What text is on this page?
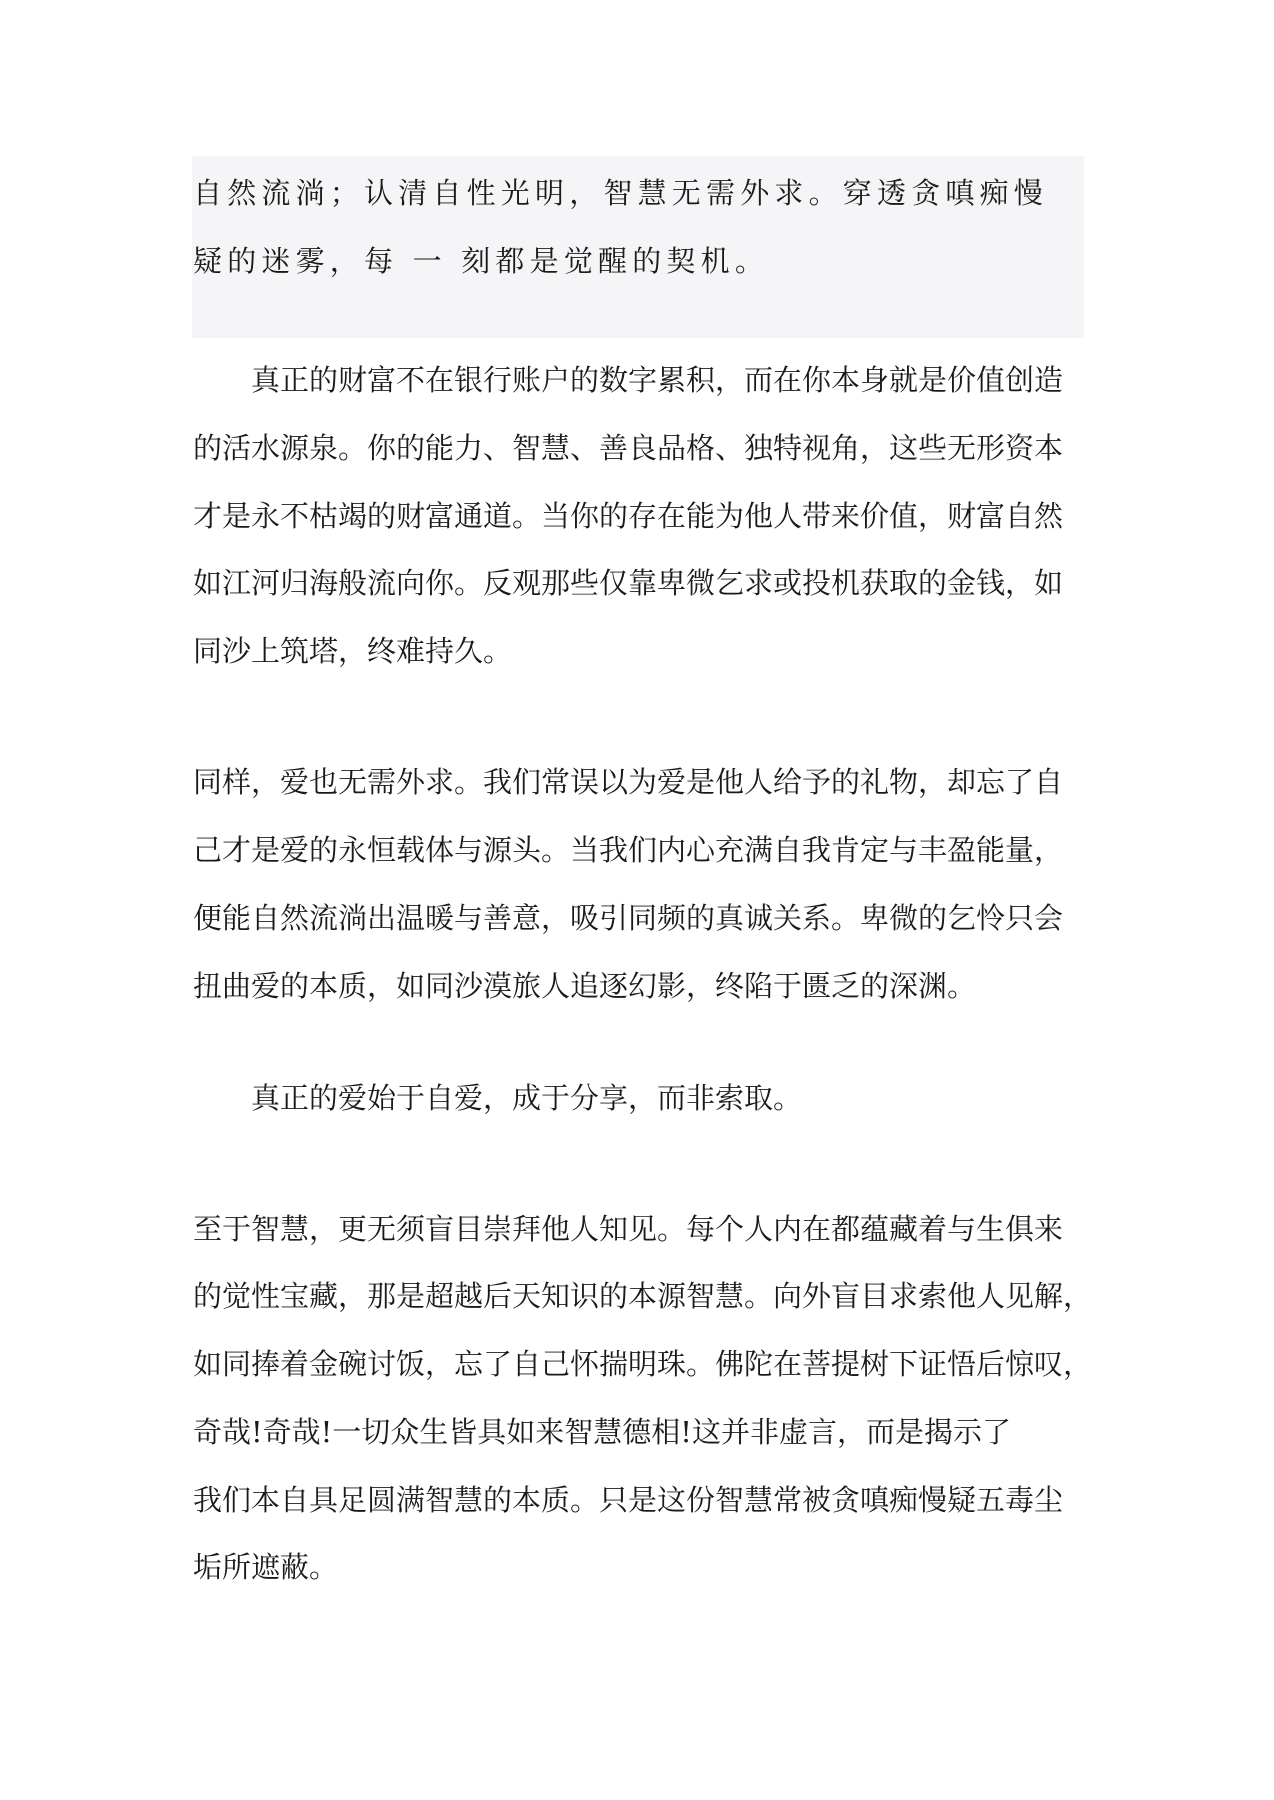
自然流淌；认清自性光明，智慧无需外求。穿透贪嗔痴慢
疑的迷雾，每 一 刻都是觉醒的契机。
　　真正的财富不在银行账户的数字累积，而在你本身就是价值创造
的活水源泉。你的能力、智慧、善良品格、独特视角，这些无形资本
才是永不枯竭的财富通道。当你的存在能为他人带来价值，财富自然
如江河归海般流向你。反观那些仅靠卑微乞求或投机获取的金钱，如
同沙上筑塔，终难持久。
同样，爱也无需外求。我们常误以为爱是他人给予的礼物，却忘了自
己才是爱的永恒载体与源头。当我们内心充满自我肯定与丰盈能量，
便能自然流淌出温暖与善意，吸引同频的真诚关系。卑微的乞怜只会
扭曲爱的本质，如同沙漠旅人追逐幻影，终陷于匮乏的深渊。
　　真正的爱始于自爱，成于分享，而非索取。
至于智慧，更无须盲目崇拜他人知见。每个人内在都蕴藏着与生俱来
的觉性宝藏，那是超越后天知识的本源智慧。向外盲目求索他人见解，
如同捧着金碗讨饭，忘了自己怀揣明珠。佛陀在菩提树下证悟后惊叹，
奇哉!奇哉!一切众生皆具如来智慧德相!这并非虚言，而是揭示了
我们本自具足圆满智慧的本质。只是这份智慧常被贪嗔痴慢疑五毒尘
垢所遮蔽。
